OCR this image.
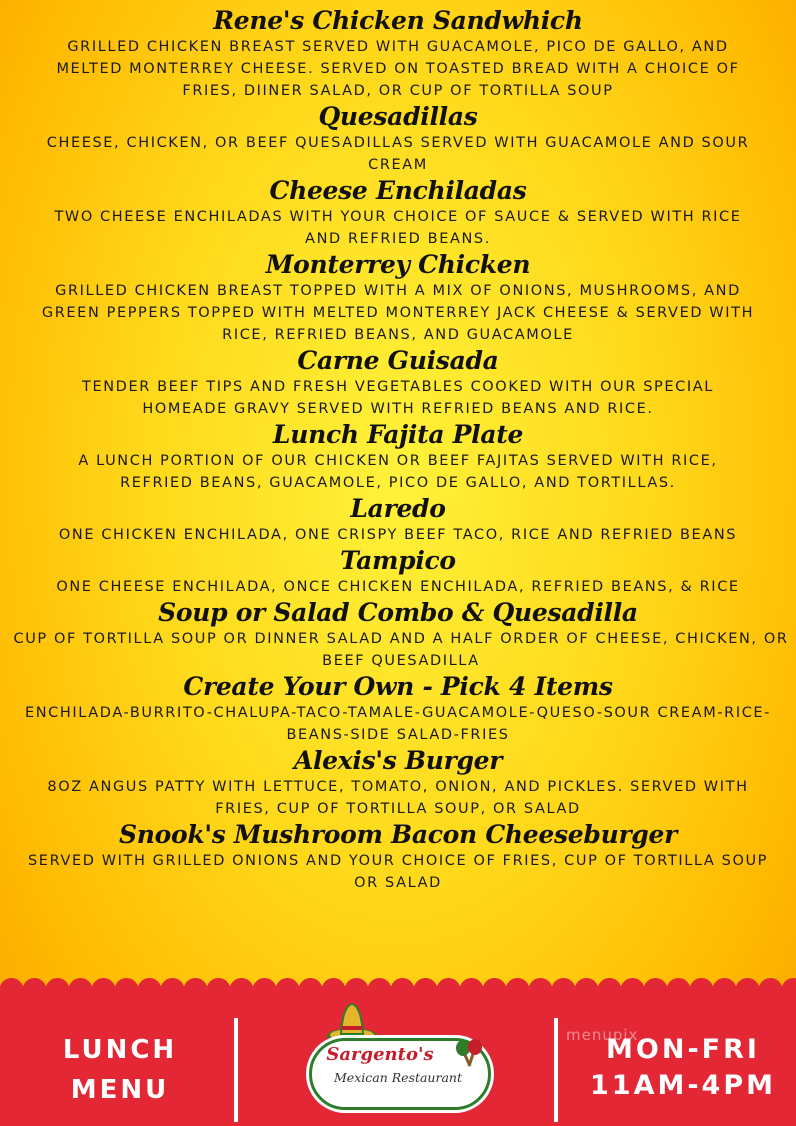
Rene's Chicken Sandwhich
GRILLED CHICKEN BREAST SERVED WITH GUACAMOLE, PICO DE GALLO, AND MELTED MONTERREY CHEESE. SERVED ON TOASTED BREAD WITH A CHOICE OF FRIES, DIINER SALAD, OR CUP OF TORTILLA SOUP
Quesadillas
CHEESE, CHICKEN, OR BEEF QUESADILLAS SERVED WITH GUACAMOLE AND SOUR CREAM
Cheese Enchiladas
TWO CHEESE ENCHILADAS WITH YOUR CHOICE OF SAUCE & SERVED WITH RICE AND REFRIED BEANS.
Monterrey Chicken
GRILLED CHICKEN BREAST TOPPED WITH A MIX OF ONIONS, MUSHROOMS, AND GREEN PEPPERS TOPPED WITH MELTED MONTERREY JACK CHEESE & SERVED WITH RICE, REFRIED BEANS, AND GUACAMOLE
Carne Guisada
TENDER BEEF TIPS AND FRESH VEGETABLES COOKED WITH OUR SPECIAL HOMEADE GRAVY SERVED WITH REFRIED BEANS AND RICE.
Lunch Fajita Plate
A LUNCH PORTION OF OUR CHICKEN OR BEEF FAJITAS SERVED WITH RICE, REFRIED BEANS, GUACAMOLE, PICO DE GALLO, AND TORTILLAS.
Laredo
ONE CHICKEN ENCHILADA, ONE CRISPY BEEF TACO, RICE AND REFRIED BEANS
Tampico
ONE CHEESE ENCHILADA, ONCE CHICKEN ENCHILADA, REFRIED BEANS, & RICE
Soup or Salad Combo & Quesadilla
CUP OF TORTILLA SOUP OR DINNER SALAD AND A HALF ORDER OF CHEESE, CHICKEN, OR BEEF QUESADILLA
Create Your Own - Pick 4 Items
ENCHILADA-BURRITO-CHALUPA-TACO-TAMALE-GUACAMOLE-QUESO-SOUR CREAM-RICE-BEANS-SIDE SALAD-FRIES
Alexis's Burger
8OZ ANGUS PATTY WITH LETTUCE, TOMATO, ONION, AND PICKLES. SERVED WITH FRIES, CUP OF TORTILLA SOUP, OR SALAD
Snook's Mushroom Bacon Cheeseburger
SERVED WITH GRILLED ONIONS AND YOUR CHOICE OF FRIES, CUP OF TORTILLA SOUP OR SALAD
LUNCH
MENU
Sargento's
Mexican Restaurant
MON-FRI
11AM-4PM
menupix
